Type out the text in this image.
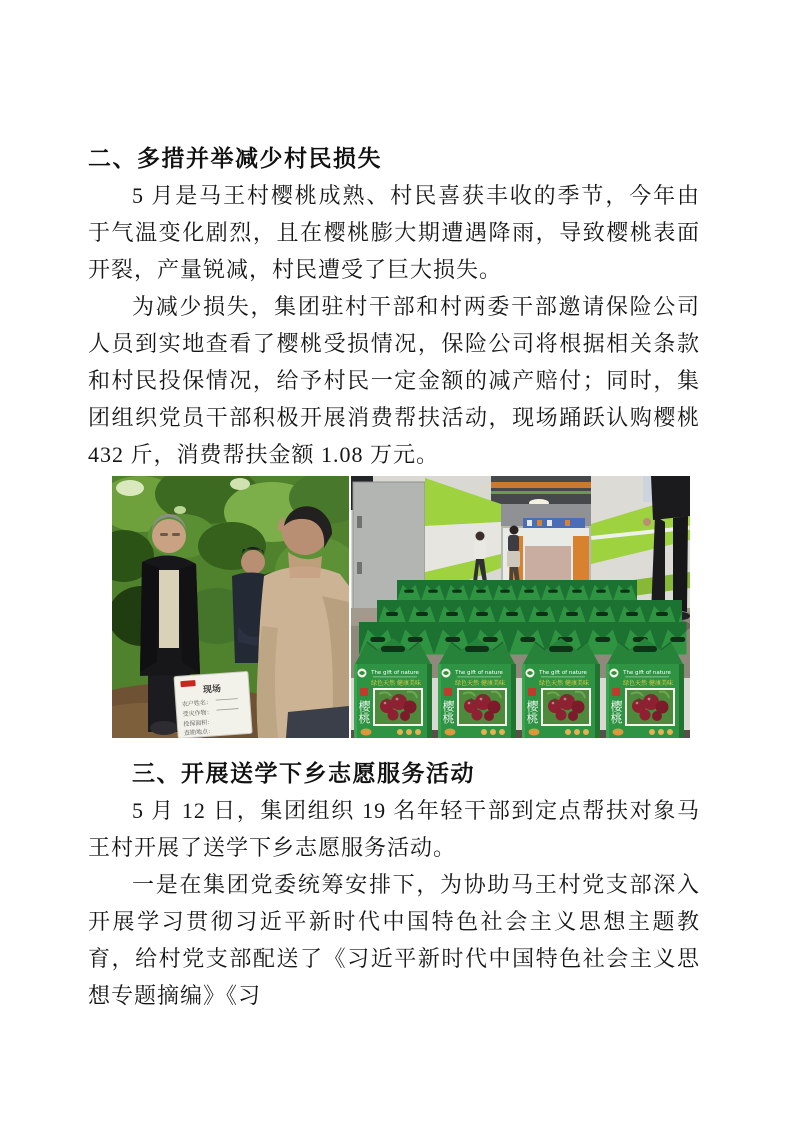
二、多措并举减少村民损失

5 月是马王村樱桃成熟、村民喜获丰收的季节，今年由于气温变化剧烈，且在樱桃膨大期遭遇降雨，导致樱桃表面开裂，产量锐减，村民遭受了巨大损失。

为减少损失，集团驻村干部和村两委干部邀请保险公司人员到实地查看了樱桃受损情况，保险公司将根据相关条款和村民投保情况，给予村民一定金额的减产赔付；同时，集团组织党员干部积极开展消费帮扶活动，现场踊跃认购樱桃 432 斤，消费帮扶金额 1.08 万元。

现场
农户姓名：
受灾作物：
投保面积：
查勘地点：
三、开展送学下乡志愿服务活动

5 月 12 日，集团组织 19 名年轻干部到定点帮扶对象马王村开展了送学下乡志愿服务活动。

一是在集团党委统筹安排下，为协助马王村党支部深入开展学习贯彻习近平新时代中国特色社会主义思想主题教育，给村党支部配送了《习近平新时代中国特色社会主义思想专题摘编》《习
